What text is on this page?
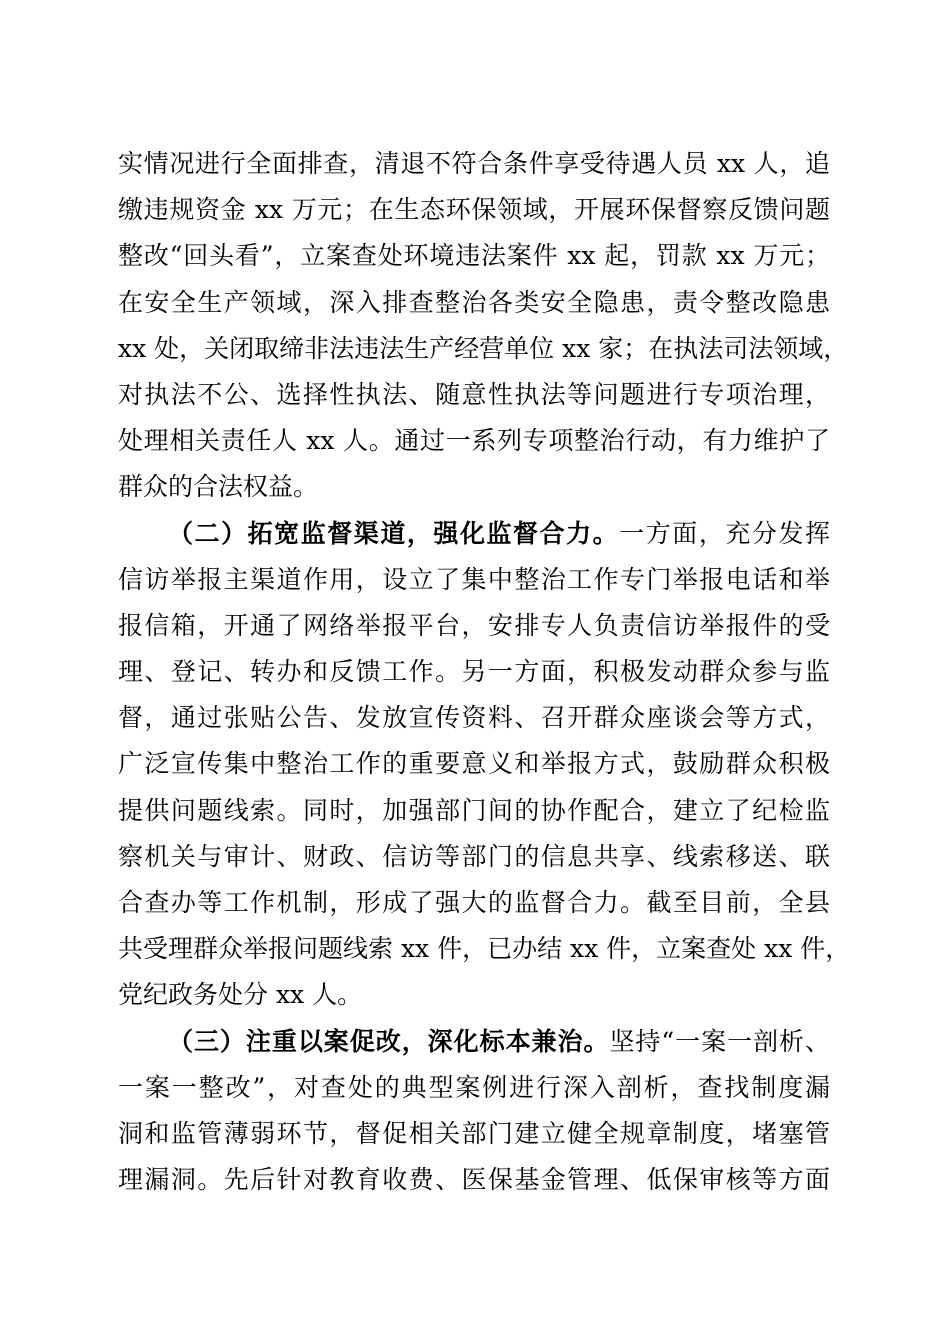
实情况进行全面排查，清退不符合条件享受待遇人员 xx 人，追
缴违规资金 xx 万元；在生态环保领域，开展环保督察反馈问题
整改“回头看”，立案查处环境违法案件 xx 起，罚款 xx 万元；
在安全生产领域，深入排查整治各类安全隐患，责令整改隐患
xx 处，关闭取缔非法违法生产经营单位 xx 家；在执法司法领域，
对执法不公、选择性执法、随意性执法等问题进行专项治理，
处理相关责任人 xx 人。通过一系列专项整治行动，有力维护了
群众的合法权益。
（二）拓宽监督渠道，强化监督合力。一方面，充分发挥
信访举报主渠道作用，设立了集中整治工作专门举报电话和举
报信箱，开通了网络举报平台，安排专人负责信访举报件的受
理、登记、转办和反馈工作。另一方面，积极发动群众参与监
督，通过张贴公告、发放宣传资料、召开群众座谈会等方式，
广泛宣传集中整治工作的重要意义和举报方式，鼓励群众积极
提供问题线索。同时，加强部门间的协作配合，建立了纪检监
察机关与审计、财政、信访等部门的信息共享、线索移送、联
合查办等工作机制，形成了强大的监督合力。截至目前，全县
共受理群众举报问题线索 xx 件，已办结 xx 件，立案查处 xx 件，
党纪政务处分 xx 人。
（三）注重以案促改，深化标本兼治。坚持“一案一剖析、
一案一整改”，对查处的典型案例进行深入剖析，查找制度漏
洞和监管薄弱环节，督促相关部门建立健全规章制度，堵塞管
理漏洞。先后针对教育收费、医保基金管理、低保审核等方面
